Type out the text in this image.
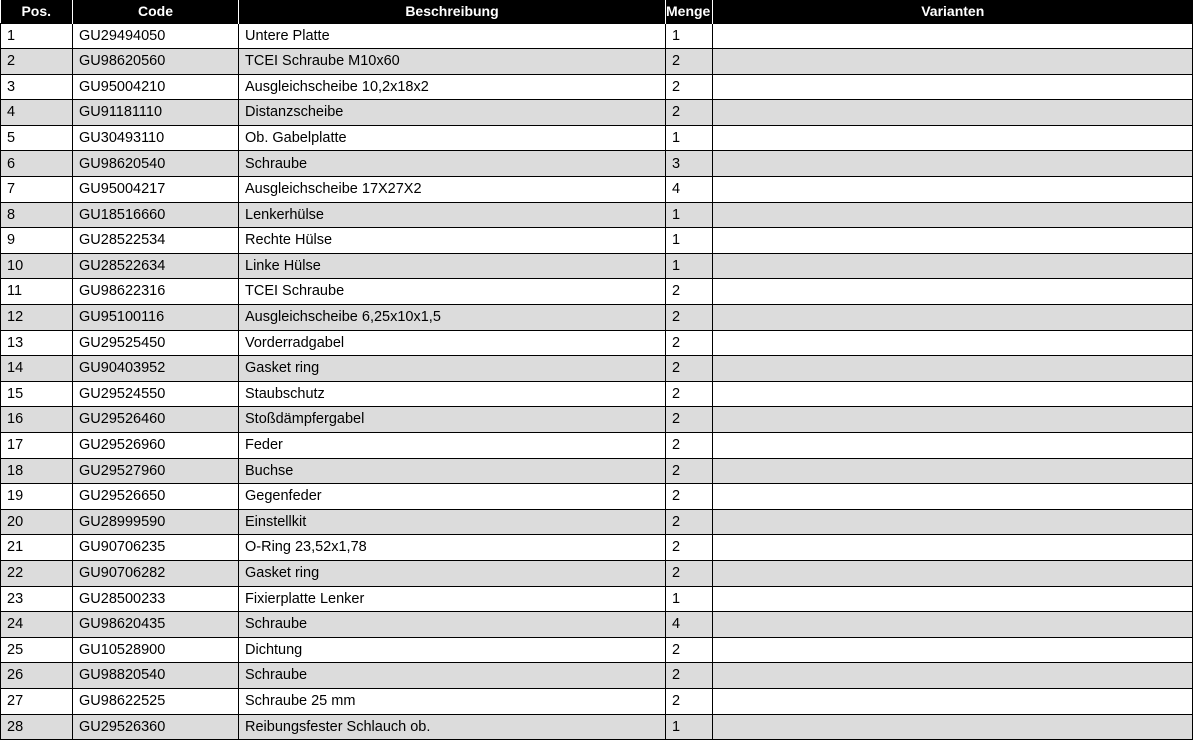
Pos.	Code	Beschreibung	Menge	Varianten
1	GU29494050	Untere Platte	1	
2	GU98620560	TCEI Schraube M10x60	2	
3	GU95004210	Ausgleichscheibe 10,2x18x2	2	
4	GU91181110	Distanzscheibe	2	
5	GU30493110	Ob. Gabelplatte	1	
6	GU98620540	Schraube	3	
7	GU95004217	Ausgleichscheibe 17X27X2	4	
8	GU18516660	Lenkerhülse	1	
9	GU28522534	Rechte Hülse	1	
10	GU28522634	Linke Hülse	1	
11	GU98622316	TCEI Schraube	2	
12	GU95100116	Ausgleichscheibe 6,25x10x1,5	2	
13	GU29525450	Vorderradgabel	2	
14	GU90403952	Gasket ring	2	
15	GU29524550	Staubschutz	2	
16	GU29526460	Stoßdämpfergabel	2	
17	GU29526960	Feder	2	
18	GU29527960	Buchse	2	
19	GU29526650	Gegenfeder	2	
20	GU28999590	Einstellkit	2	
21	GU90706235	O-Ring 23,52x1,78	2	
22	GU90706282	Gasket ring	2	
23	GU28500233	Fixierplatte Lenker	1	
24	GU98620435	Schraube	4	
25	GU10528900	Dichtung	2	
26	GU98820540	Schraube	2	
27	GU98622525	Schraube 25 mm	2	
28	GU29526360	Reibungsfester Schlauch ob.	1	
